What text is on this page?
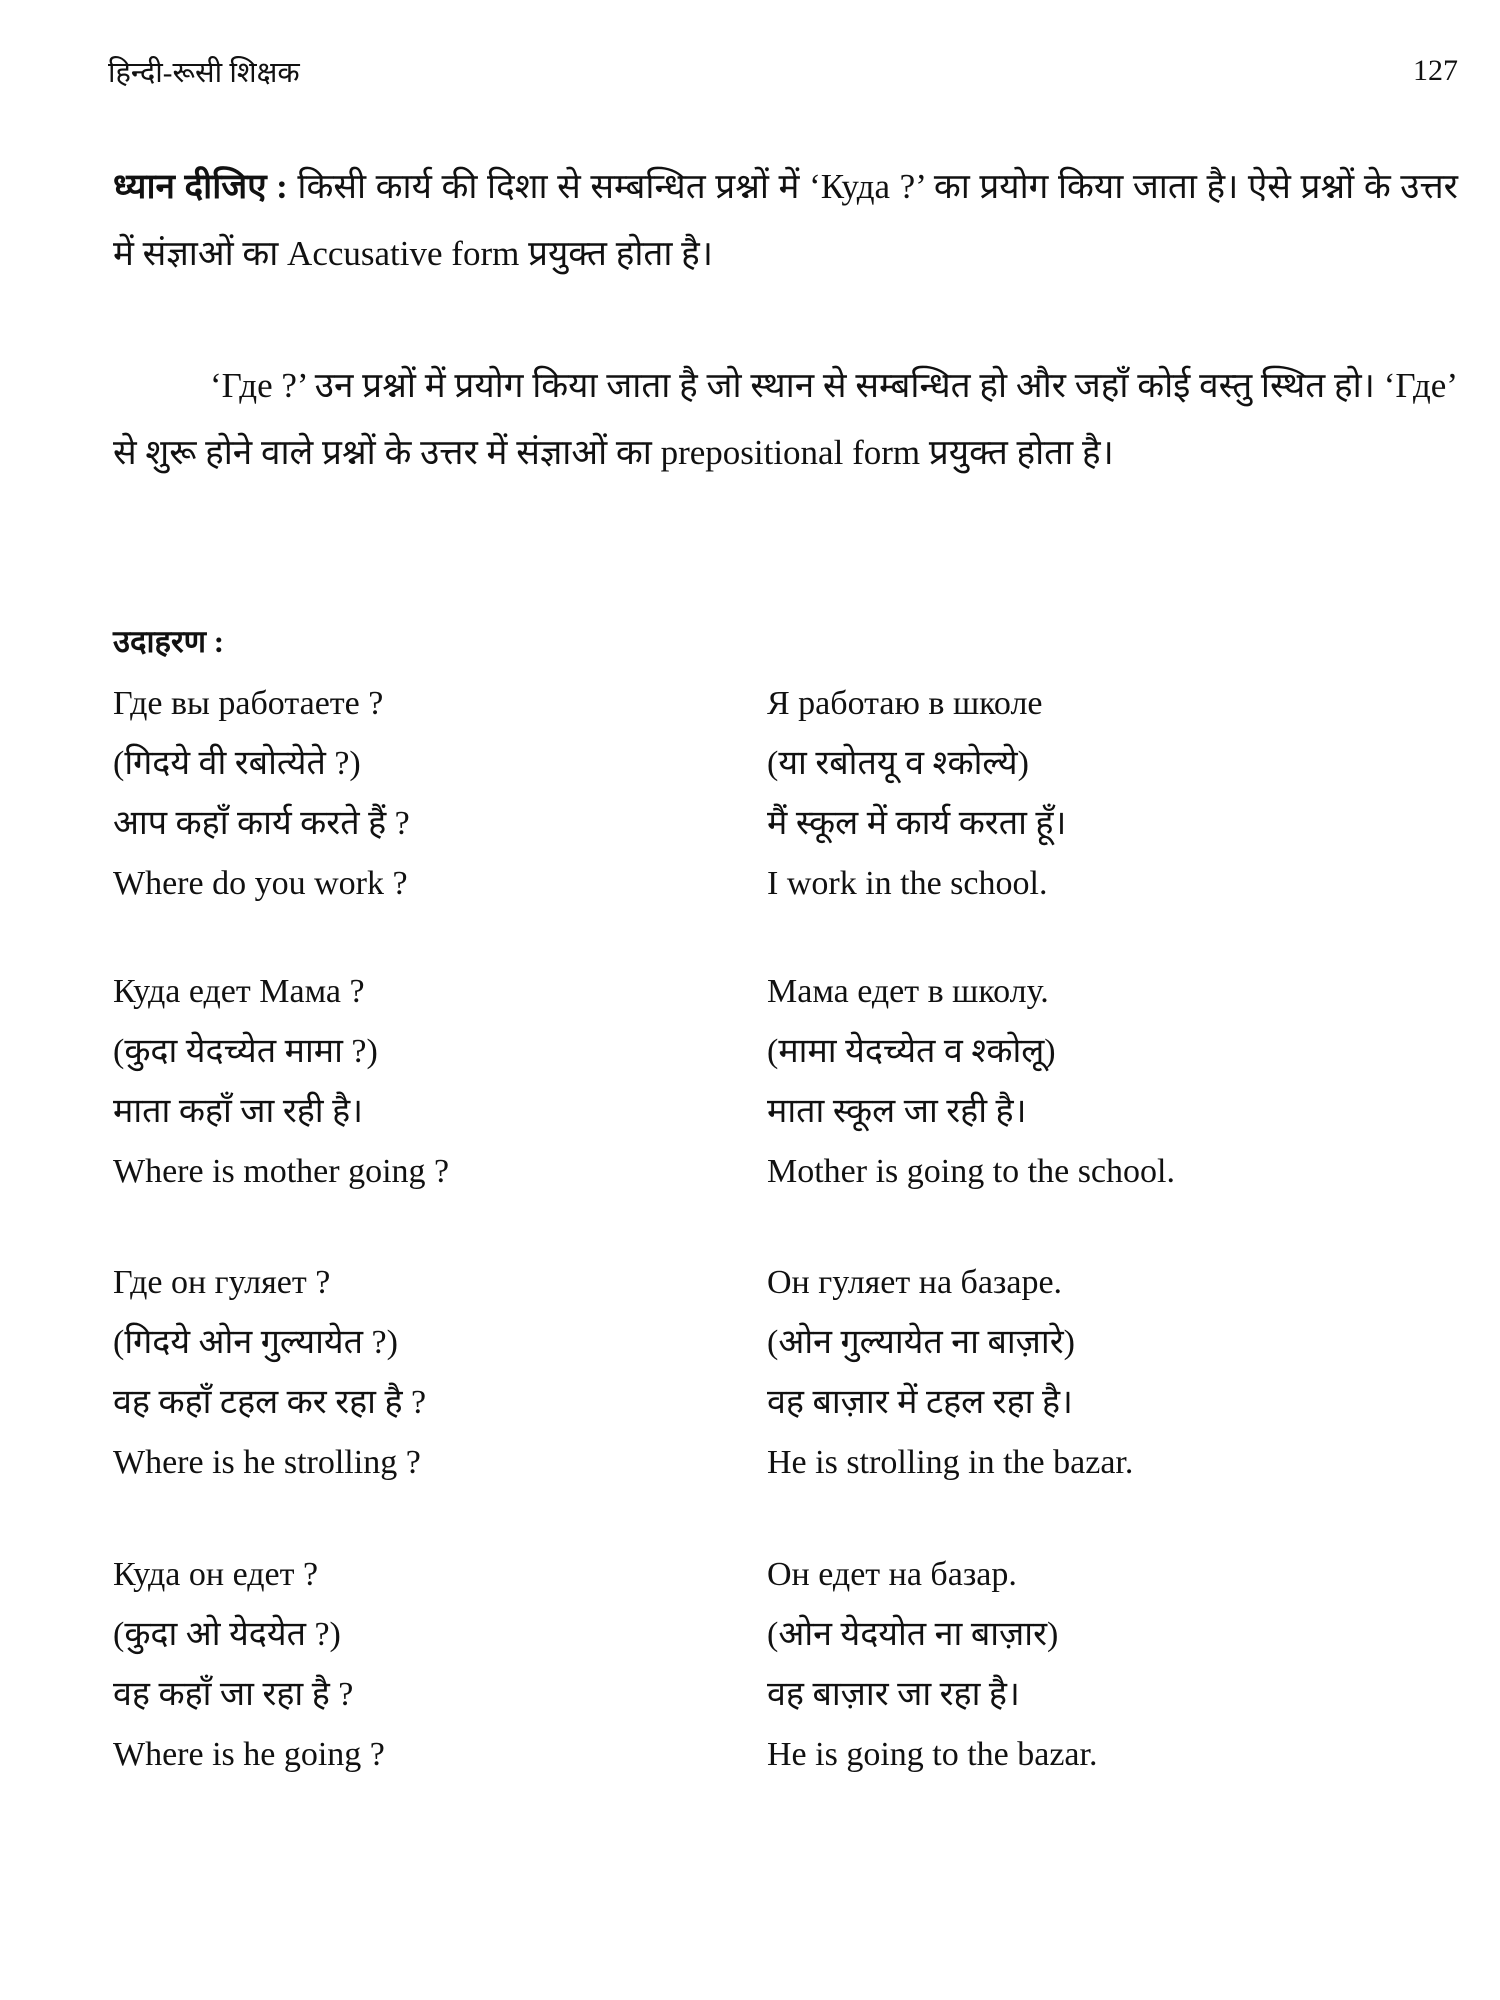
हिन्दी-रूसी शिक्षक	127

ध्यान दीजिए : किसी कार्य की दिशा से सम्बन्धित प्रश्नों में ‘Куда ?’ का प्रयोग किया जाता है। ऐसे प्रश्नों के उत्तर में संज्ञाओं का Accusative form प्रयुक्त होता है।

‘Где ?’ उन प्रश्नों में प्रयोग किया जाता है जो स्थान से सम्बन्धित हो और जहाँ कोई वस्तु स्थित हो। ‘Где’ से शुरू होने वाले प्रश्नों के उत्तर में संज्ञाओं का prepositional form प्रयुक्त होता है।

उदाहरण :
Где вы работаете ?
(गिदये वी रबोत्येते ?)
आप कहाँ कार्य करते हैं ?
Where do you work ?
Я работаю в школе
(या रबोतयू व श्कोल्ये)
मैं स्कूल में कार्य करता हूँ।
I work in the school.
Куда едет Мама ?
(कुदा येदच्येत मामा ?)
माता कहाँ जा रही है।
Where is mother going ?
Мама едет в школу.
(मामा येदच्येत व श्कोलू)
माता स्कूल जा रही है।
Mother is going to the school.
Где он гуляет ?
(गिदये ओन गुल्यायेत ?)
वह कहाँ टहल कर रहा है ?
Where is he strolling ?
Он гуляет на базаре.
(ओन गुल्यायेत ना बाज़ारे)
वह बाज़ार में टहल रहा है।
He is strolling in the bazar.
Куда он едет ?
(कुदा ओ येदयेत ?)
वह कहाँ जा रहा है ?
Where is he going ?
Он едет на базар.
(ओन येदयोत ना बाज़ार)
वह बाज़ार जा रहा है।
He is going to the bazar.
